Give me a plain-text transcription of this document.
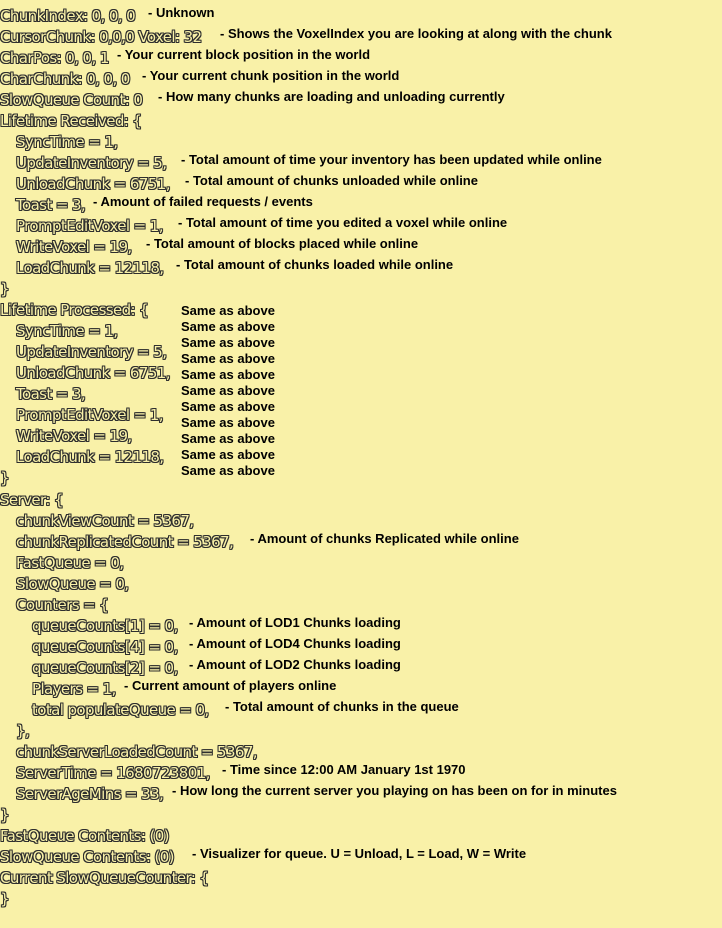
ChunkIndex: 0, 0, 0 - Unknown
CursorChunk: 0,0,0 Voxel: 32 - Shows the VoxelIndex you are looking at along with the chunk
CharPos: 0, 0, 1 - Your current block position in the world
CharChunk: 0, 0, 0 - Your current chunk position in the world
SlowQueue Count: 0 - How many chunks are loading and unloading currently
Lifetime Received: {
SyncTime = 1,
UpdateInventory = 5, - Total amount of time your inventory has been updated while online
UnloadChunk = 6751, - Total amount of chunks unloaded while online
Toast = 3, - Amount of failed requests / events
PromptEditVoxel = 1, - Total amount of time you edited a voxel while online
WriteVoxel = 19, - Total amount of blocks placed while online
LoadChunk = 12118, - Total amount of chunks loaded while online
}
Lifetime Processed: {
SyncTime = 1,
UpdateInventory = 5,
UnloadChunk = 6751,
Toast = 3,
PromptEditVoxel = 1,
WriteVoxel = 19,
LoadChunk = 12118,
}
Same as above
Same as above
Same as above
Same as above
Same as above
Same as above
Same as above
Same as above
Same as above
Same as above
Same as above
Server: {
chunkViewCount = 5367,
chunkReplicatedCount = 5367, - Amount of chunks Replicated while online
FastQueue = 0,
SlowQueue = 0,
Counters = {
queueCounts[1] = 0, - Amount of LOD1 Chunks loading
queueCounts[4] = 0, - Amount of LOD4 Chunks loading
queueCounts[2] = 0, - Amount of LOD2 Chunks loading
Players = 1, - Current amount of players online
total populateQueue = 0, - Total amount of chunks in the queue
},
chunkServerLoadedCount = 5367,
ServerTime = 1680723801, - Time since 12:00 AM January 1st 1970
ServerAgeMins = 33, - How long the current server you playing on has been on for in minutes
}
FastQueue Contents: (0)
SlowQueue Contents: (0) - Visualizer for queue. U = Unload, L = Load, W = Write
Current SlowQueueCounter: {
}
